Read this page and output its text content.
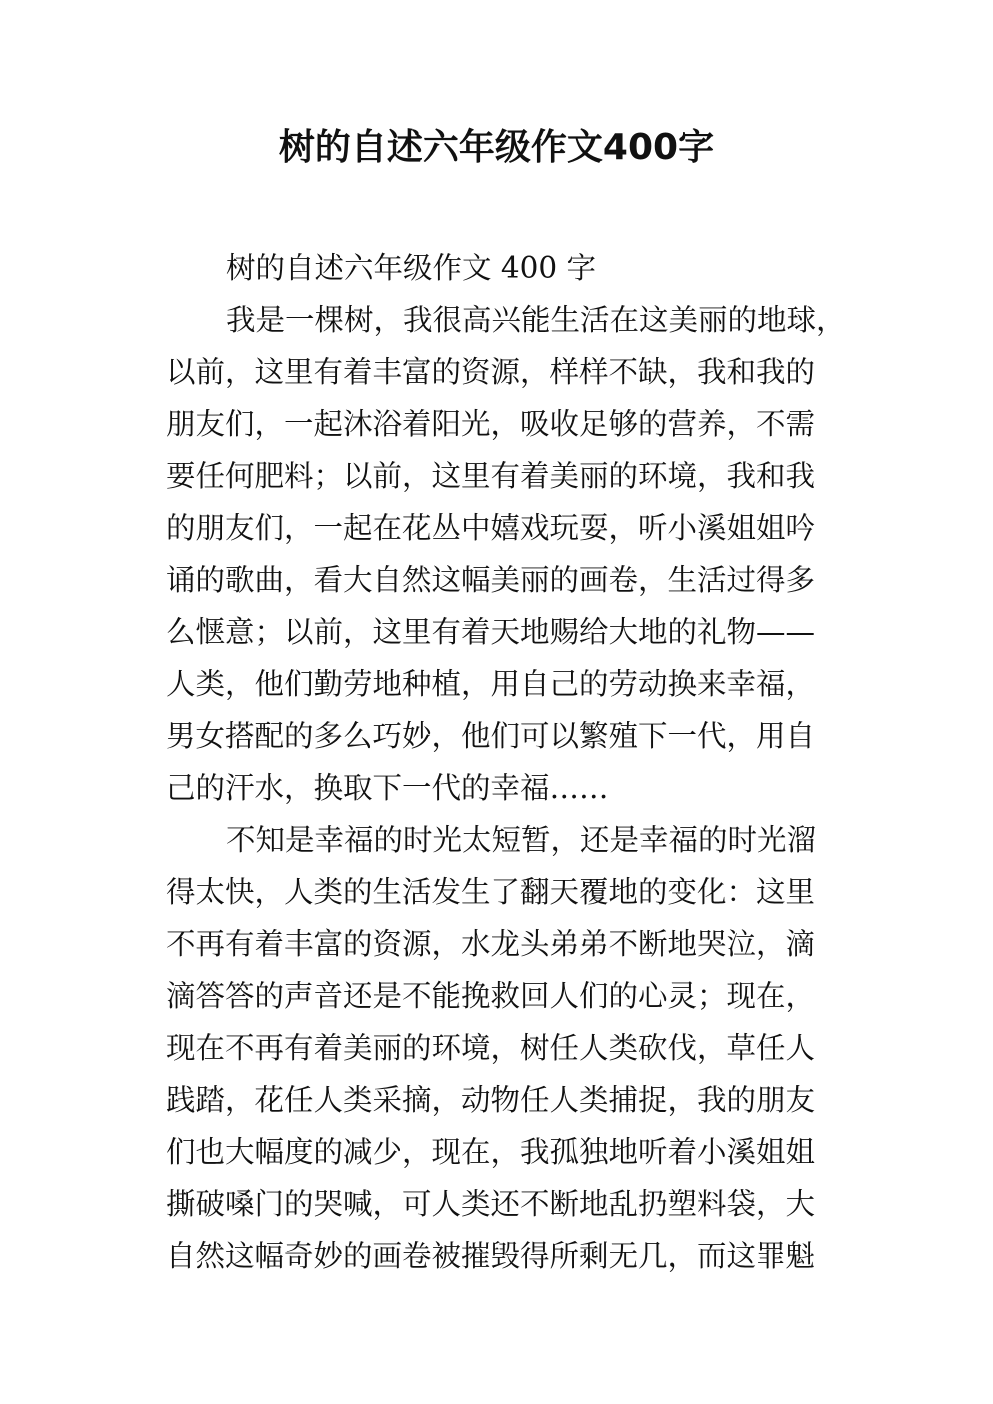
树的自述六年级作文400字
树的自述六年级作文 400 字
我是一棵树，我很高兴能生活在这美丽的地球，
以前，这里有着丰富的资源，样样不缺，我和我的
朋友们，一起沐浴着阳光，吸收足够的营养，不需
要任何肥料；以前，这里有着美丽的环境，我和我
的朋友们，一起在花丛中嬉戏玩耍，听小溪姐姐吟
诵的歌曲，看大自然这幅美丽的画卷，生活过得多
么惬意；以前，这里有着天地赐给大地的礼物——
人类，他们勤劳地种植，用自己的劳动换来幸福，
男女搭配的多么巧妙，他们可以繁殖下一代，用自
己的汗水，换取下一代的幸福……
不知是幸福的时光太短暂，还是幸福的时光溜
得太快，人类的生活发生了翻天覆地的变化：这里
不再有着丰富的资源，水龙头弟弟不断地哭泣，滴
滴答答的声音还是不能挽救回人们的心灵；现在，
现在不再有着美丽的环境，树任人类砍伐，草任人
践踏，花任人类采摘，动物任人类捕捉，我的朋友
们也大幅度的减少，现在，我孤独地听着小溪姐姐
撕破嗓门的哭喊，可人类还不断地乱扔塑料袋，大
自然这幅奇妙的画卷被摧毁得所剩无几，而这罪魁
